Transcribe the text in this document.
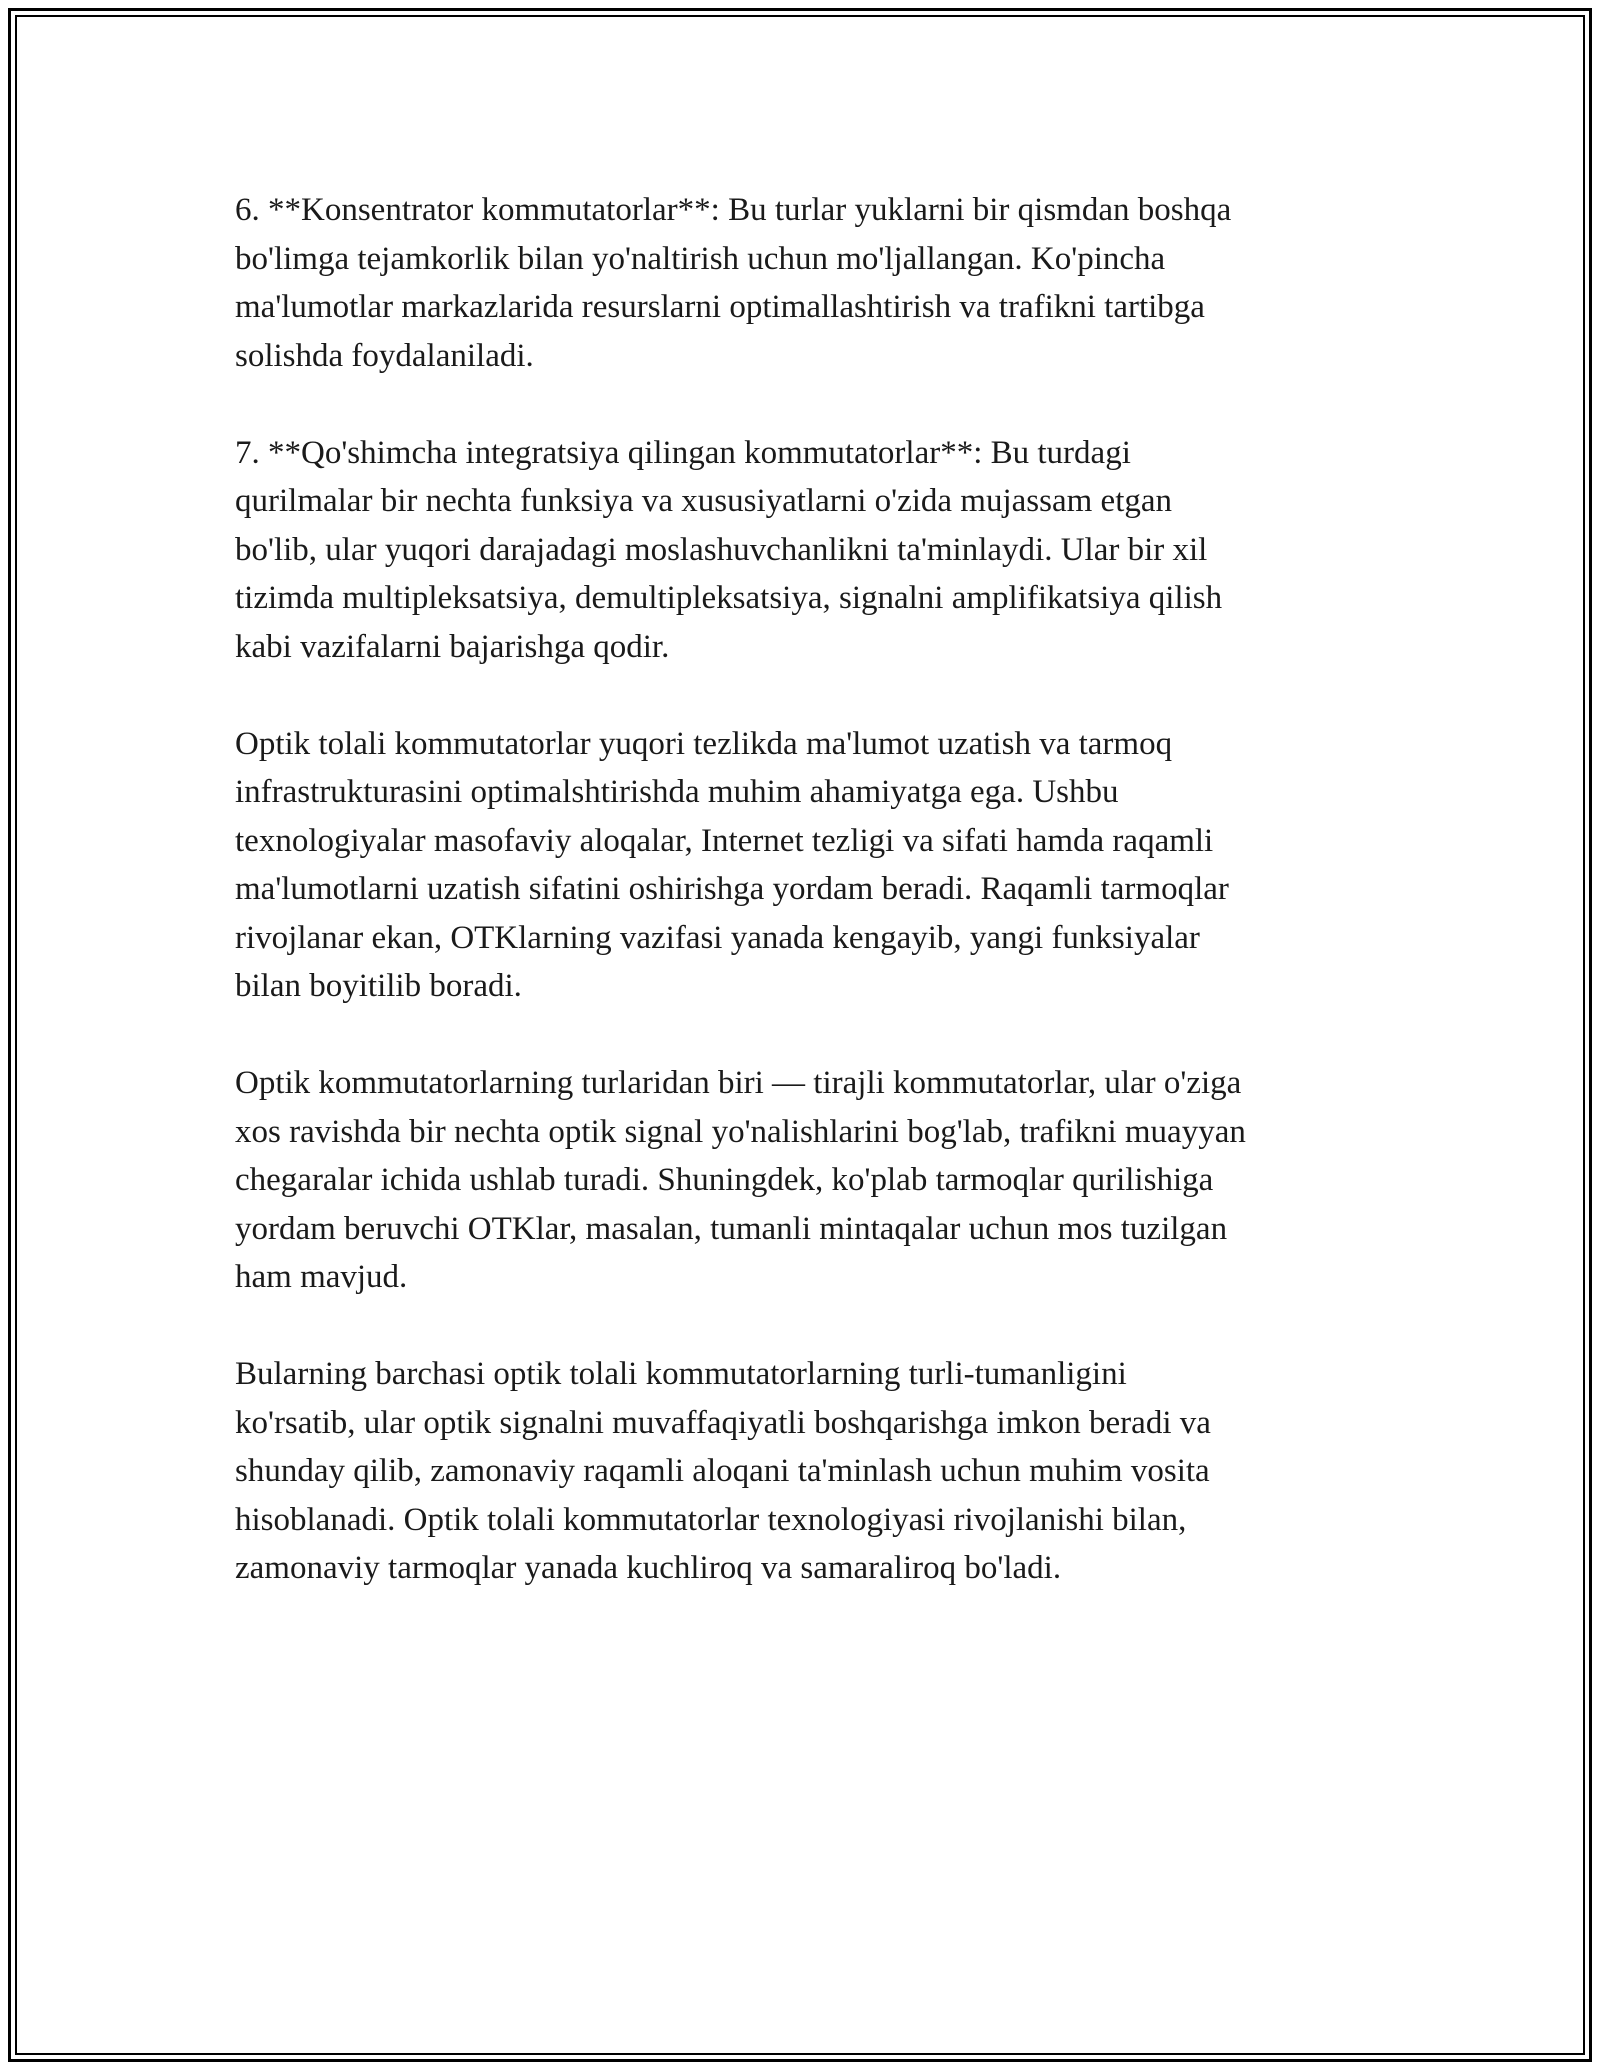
6. **Konsentrator kommutatorlar**: Bu turlar yuklarni bir qismdan boshqa
bo'limga tejamkorlik bilan yo'naltirish uchun mo'ljallangan. Ko'pincha
ma'lumotlar markazlarida resurslarni optimallashtirish va trafikni tartibga
solishda foydalaniladi.

7. **Qo'shimcha integratsiya qilingan kommutatorlar**: Bu turdagi
qurilmalar bir nechta funksiya va xususiyatlarni o'zida mujassam etgan
bo'lib, ular yuqori darajadagi moslashuvchanlikni ta'minlaydi. Ular bir xil
tizimda multipleksatsiya, demultipleksatsiya, signalni amplifikatsiya qilish
kabi vazifalarni bajarishga qodir.

Optik tolali kommutatorlar yuqori tezlikda ma'lumot uzatish va tarmoq
infrastrukturasini optimalshtirishda muhim ahamiyatga ega. Ushbu
texnologiyalar masofaviy aloqalar, Internet tezligi va sifati hamda raqamli
ma'lumotlarni uzatish sifatini oshirishga yordam beradi. Raqamli tarmoqlar
rivojlanar ekan, OTKlarning vazifasi yanada kengayib, yangi funksiyalar
bilan boyitilib boradi.

Optik kommutatorlarning turlaridan biri — tirajli kommutatorlar, ular o'ziga
xos ravishda bir nechta optik signal yo'nalishlarini bog'lab, trafikni muayyan
chegaralar ichida ushlab turadi. Shuningdek, ko'plab tarmoqlar qurilishiga
yordam beruvchi OTKlar, masalan, tumanli mintaqalar uchun mos tuzilgan
ham mavjud.

Bularning barchasi optik tolali kommutatorlarning turli-tumanligini
ko'rsatib, ular optik signalni muvaffaqiyatli boshqarishga imkon beradi va
shunday qilib, zamonaviy raqamli aloqani ta'minlash uchun muhim vosita
hisoblanadi. Optik tolali kommutatorlar texnologiyasi rivojlanishi bilan,
zamonaviy tarmoqlar yanada kuchliroq va samaraliroq bo'ladi.
